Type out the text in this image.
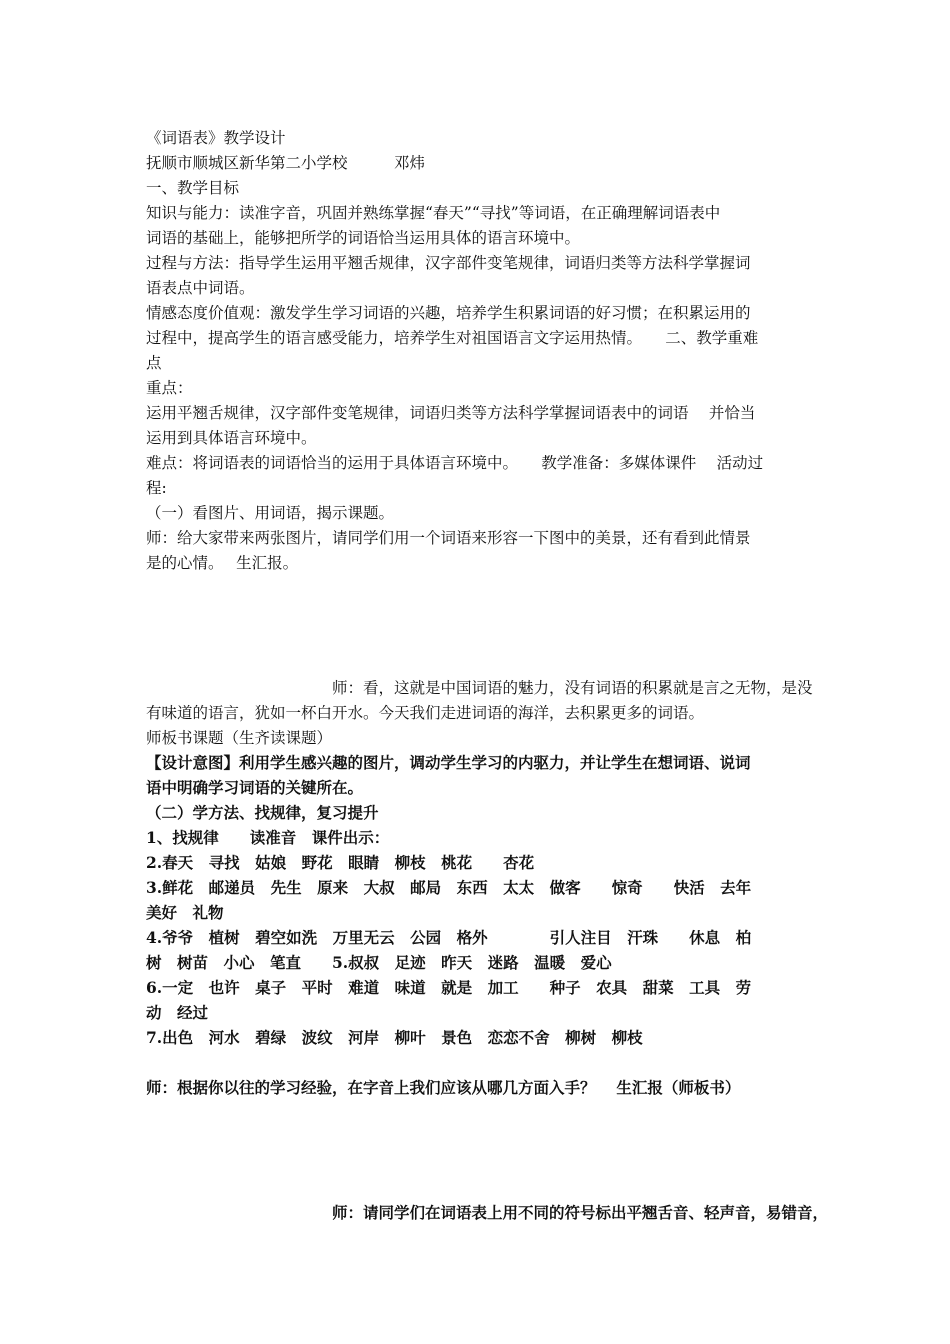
《词语表》教学设计

抚顺市顺城区新华第二小学校　　　邓炜

一、教学目标

知识与能力：读准字音，巩固并熟练掌握“春天”“寻找”等词语，在正确理解词语表中

词语的基础上，能够把所学的词语恰当运用具体的语言环境中。

过程与方法：指导学生运用平翘舌规律，汉字部件变笔规律，词语归类等方法科学掌握词

语表点中词语。

情感态度价值观：激发学生学习词语的兴趣，培养学生积累词语的好习惯；在积累运用的

过程中，提高学生的语言感受能力，培养学生对祖国语言文字运用热情。　　二、教学重难

点

重点：

运用平翘舌规律，汉字部件变笔规律，词语归类等方法科学掌握词语表中的词语　 并恰当

运用到具体语言环境中。

难点：将词语表的词语恰当的运用于具体语言环境中。　　教学准备：多媒体课件　 活动过

程:

（一）看图片、用词语，揭示课题。

师：给大家带来两张图片，请同学们用一个词语来形容一下图中的美景，还有看到此情景

是的心情。　 生汇报。

　　　　　　　　　　　　师：看，这就是中国词语的魅力，没有词语的积累就是言之无物，是没

有味道的语言，犹如一杯白开水。今天我们走进词语的海洋，去积累更多的词语。

师板书课题（生齐读课题）

【设计意图】利用学生感兴趣的图片，调动学生学习的内驱力，并让学生在想词语、说词

语中明确学习词语的关键所在。

（二）学方法、找规律，复习提升

1、找规律　　读准音　课件出示：

2.春天　寻找　姑娘　野花　眼睛　柳枝　桃花　　杏花

3.鲜花　邮递员　先生　原来　大叔　邮局　东西　太太　做客　　惊奇　　快活　去年

美好　礼物

4.爷爷　植树　碧空如洗　万里无云　公园　格外　　　　引人注目　汗珠　　休息　柏

树　树苗　小心　笔直　　5.叔叔　足迹　昨天　迷路　温暖　爱心

6.一定　也许　桌子　平时　难道　味道　就是　加工　　种子　农具　甜菜　工具　劳

动　经过

7.出色　河水　碧绿　波纹　河岸　柳叶　景色　恋恋不舍　柳树　柳枝

师：根据你以往的学习经验，在字音上我们应该从哪几方面入手？　 生汇报（师板书）

　　　　　　　　　　　　师：请同学们在词语表上用不同的符号标出平翘舌音、轻声音，易错音，
